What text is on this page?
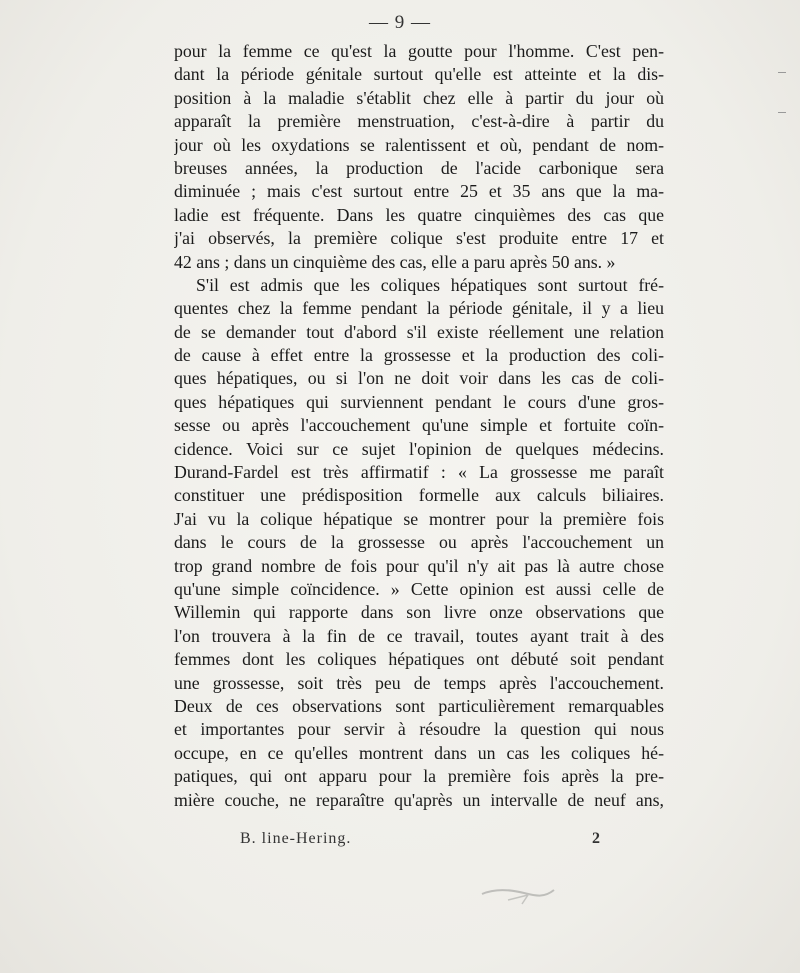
— 9 —
pour la femme ce qu'est la goutte pour l'homme. C'est pen-
dant la période génitale surtout qu'elle est atteinte et la dis-
position à la maladie s'établit chez elle à partir du jour où
apparaît la première menstruation, c'est-à-dire à partir du
jour où les oxydations se ralentissent et où, pendant de nom-
breuses années, la production de l'acide carbonique sera
diminuée ; mais c'est surtout entre 25 et 35 ans que la ma-
ladie est fréquente. Dans les quatre cinquièmes des cas que
j'ai observés, la première colique s'est produite entre 17 et
42 ans ; dans un cinquième des cas, elle a paru après 50 ans. »
S'il est admis que les coliques hépatiques sont surtout fré-
quentes chez la femme pendant la période génitale, il y a lieu
de se demander tout d'abord s'il existe réellement une relation
de cause à effet entre la grossesse et la production des coli-
ques hépatiques, ou si l'on ne doit voir dans les cas de coli-
ques hépatiques qui surviennent pendant le cours d'une gros-
sesse ou après l'accouchement qu'une simple et fortuite coïn-
cidence. Voici sur ce sujet l'opinion de quelques médecins.
Durand-Fardel est très affirmatif : « La grossesse me paraît
constituer une prédisposition formelle aux calculs biliaires.
J'ai vu la colique hépatique se montrer pour la première fois
dans le cours de la grossesse ou après l'accouchement un
trop grand nombre de fois pour qu'il n'y ait pas là autre chose
qu'une simple coïncidence. » Cette opinion est aussi celle de
Willemin qui rapporte dans son livre onze observations que
l'on trouvera à la fin de ce travail, toutes ayant trait à des
femmes dont les coliques hépatiques ont débuté soit pendant
une grossesse, soit très peu de temps après l'accouchement.
Deux de ces observations sont particulièrement remarquables
et importantes pour servir à résoudre la question qui nous
occupe, en ce qu'elles montrent dans un cas les coliques hé-
patiques, qui ont apparu pour la première fois après la pre-
mière couche, ne reparaître qu'après un intervalle de neuf ans,
B. line-Hering.	2
